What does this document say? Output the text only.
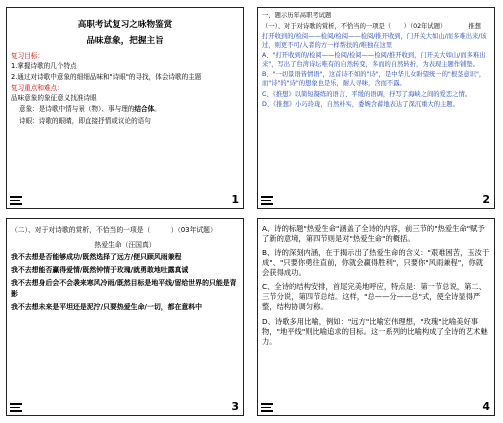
高职考试复习之咏物鉴赏
品味意象，把握主旨
复习目标：
1.掌握诗歌的几个特点
2.通过对诗歌中意象的细细品味和"诗眼"的寻找，体会诗歌的主题
复习重点和难点：
品味意象的象征意义找准诗眼
意象：是诗歌中情与景（物）、事与理的结合体。
诗眼：诗歌的眼睛，即直接抒情或议论的语句
1
一、题示历年高职考试题
（一）、对于对诗歌的赏析，不恰当的一项是（　　）（02年试题）　　　　推想
打开收到的/检阅——检阅/检阅——检阅/推开收到，门开关大如山/而多难出来/该过，则更不可/入者的方一样帮扶的/唯独在这里
A、"打开收到的/检阅——检阅/检阅——检阅/推开收到，门开关大如山/而多难出来"，写出了台湾诗坛唯有的自然转变，多而的自然转折，为表现主题作铺垫。
B、"一切景语皆情语"，这首诗不如的"诗"，是中华儿女盼望统一的"根茎意识"，而"诗"的"诗"的想象也是乐，耐人寻味，含而不露。
C、《推想》以简短凝练的语言、平缓的语调，抒写了海峡之间的爱恋之情。
D、《推想》小巧玲珑，自然朴实，委婉含蓄地表达了深沉重大的主题。
2
（二）、对于对诗歌的赏析，不恰当的一项是（　　　）（03年试题）
热爱生命（汪国真）
我不去想是否能够成功/既然选择了远方/便只顾风雨兼程
我不去想能否赢得爱情/既然钟情于玫瑰/就勇敢地吐露真诚
我不去想身后会不会袭来寒风冷雨/既然目标是地平线/留给世界的只能是背影
我不去想未来是平坦还是泥泞/只要热爱生命/一切，都在意料中
3
A、诗的标题"热爱生命"涵盖了全诗的内容，前三节的"热爱生命"赋予了新的意境，第四节则是对"热爱生命"的概括。
B、诗的深刻内涵，在于揭示出了热爱生命的含义："艰难困苦，玉汝于成"、"只要你勇往直前，你就会赢得胜利"，只要你"风雨兼程"，你就会获得成功。
C、全诗的结构安排，首尾完美地呼应，特点是：第一节总说，第二、三节分说，第四节总结。这样，"总——分——总"式，使全诗显得严整，结构协调匀称。
D、诗歌多用比喻，例如："远方"比喻宏伟理想，"玫瑰"比喻美好事物，"地平线"则比喻追求的目标。这一系列的比喻构成了全诗的艺术魅力。
4
